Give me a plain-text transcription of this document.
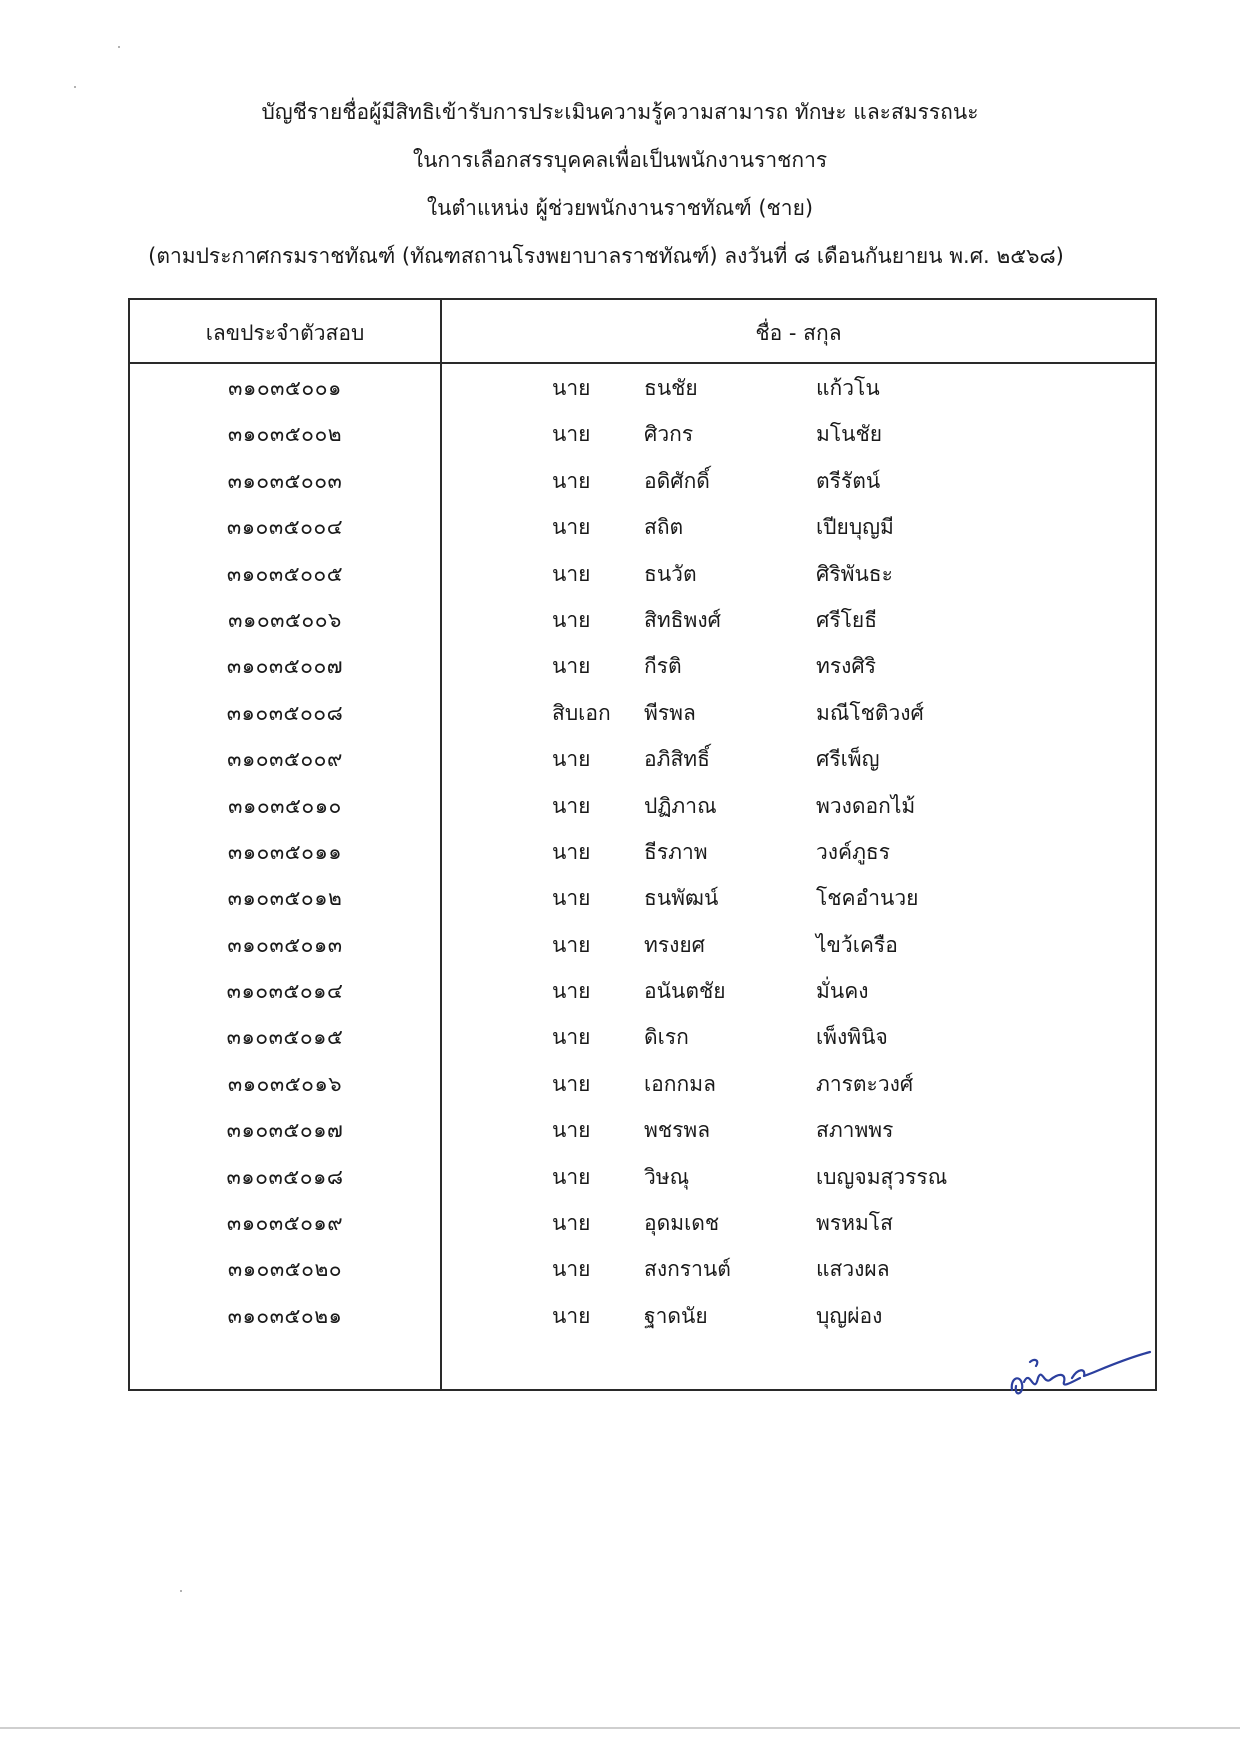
บัญชีรายชื่อผู้มีสิทธิเข้ารับการประเมินความรู้ความสามารถ ทักษะ และสมรรถนะ
ในการเลือกสรรบุคคลเพื่อเป็นพนักงานราชการ
ในตำแหน่ง ผู้ช่วยพนักงานราชทัณฑ์ (ชาย)
(ตามประกาศกรมราชทัณฑ์ (ทัณฑสถานโรงพยาบาลราชทัณฑ์) ลงวันที่ ๘ เดือนกันยายน พ.ศ. ๒๕๖๘)
เลขประจำตัวสอบ	ชื่อ - สกุล
๓๑๐๓๕๐๐๑	นาย	ธนชัย	แก้วโน
๓๑๐๓๕๐๐๒	นาย	ศิวกร	มโนชัย
๓๑๐๓๕๐๐๓	นาย	อดิศักดิ์	ตรีรัตน์
๓๑๐๓๕๐๐๔	นาย	สถิต	เปียบุญมี
๓๑๐๓๕๐๐๕	นาย	ธนวัต	ศิริพันธะ
๓๑๐๓๕๐๐๖	นาย	สิทธิพงศ์	ศรีโยธี
๓๑๐๓๕๐๐๗	นาย	กีรติ	ทรงศิริ
๓๑๐๓๕๐๐๘	สิบเอก พีรพล	มณีโชติวงศ์
๓๑๐๓๕๐๐๙	นาย	อภิสิทธิ์	ศรีเพ็ญ
๓๑๐๓๕๐๑๐	นาย	ปฏิภาณ	พวงดอกไม้
๓๑๐๓๕๐๑๑	นาย	ธีรภาพ	วงค์ภูธร
๓๑๐๓๕๐๑๒	นาย	ธนพัฒน์	โชคอำนวย
๓๑๐๓๕๐๑๓	นาย	ทรงยศ	ไขว้เครือ
๓๑๐๓๕๐๑๔	นาย	อนันตชัย	มั่นคง
๓๑๐๓๕๐๑๕	นาย	ดิเรก	เพ็งพินิจ
๓๑๐๓๕๐๑๖	นาย	เอกกมล	ภารตะวงศ์
๓๑๐๓๕๐๑๗	นาย	พชรพล	สภาพพร
๓๑๐๓๕๐๑๘	นาย	วิษณุ	เบญจมสุวรรณ
๓๑๐๓๕๐๑๙	นาย	อุดมเดช	พรหมโส
๓๑๐๓๕๐๒๐	นาย	สงกรานต์	แสวงผล
๓๑๐๓๕๐๒๑	นาย	ฐาดนัย	บุญผ่อง
